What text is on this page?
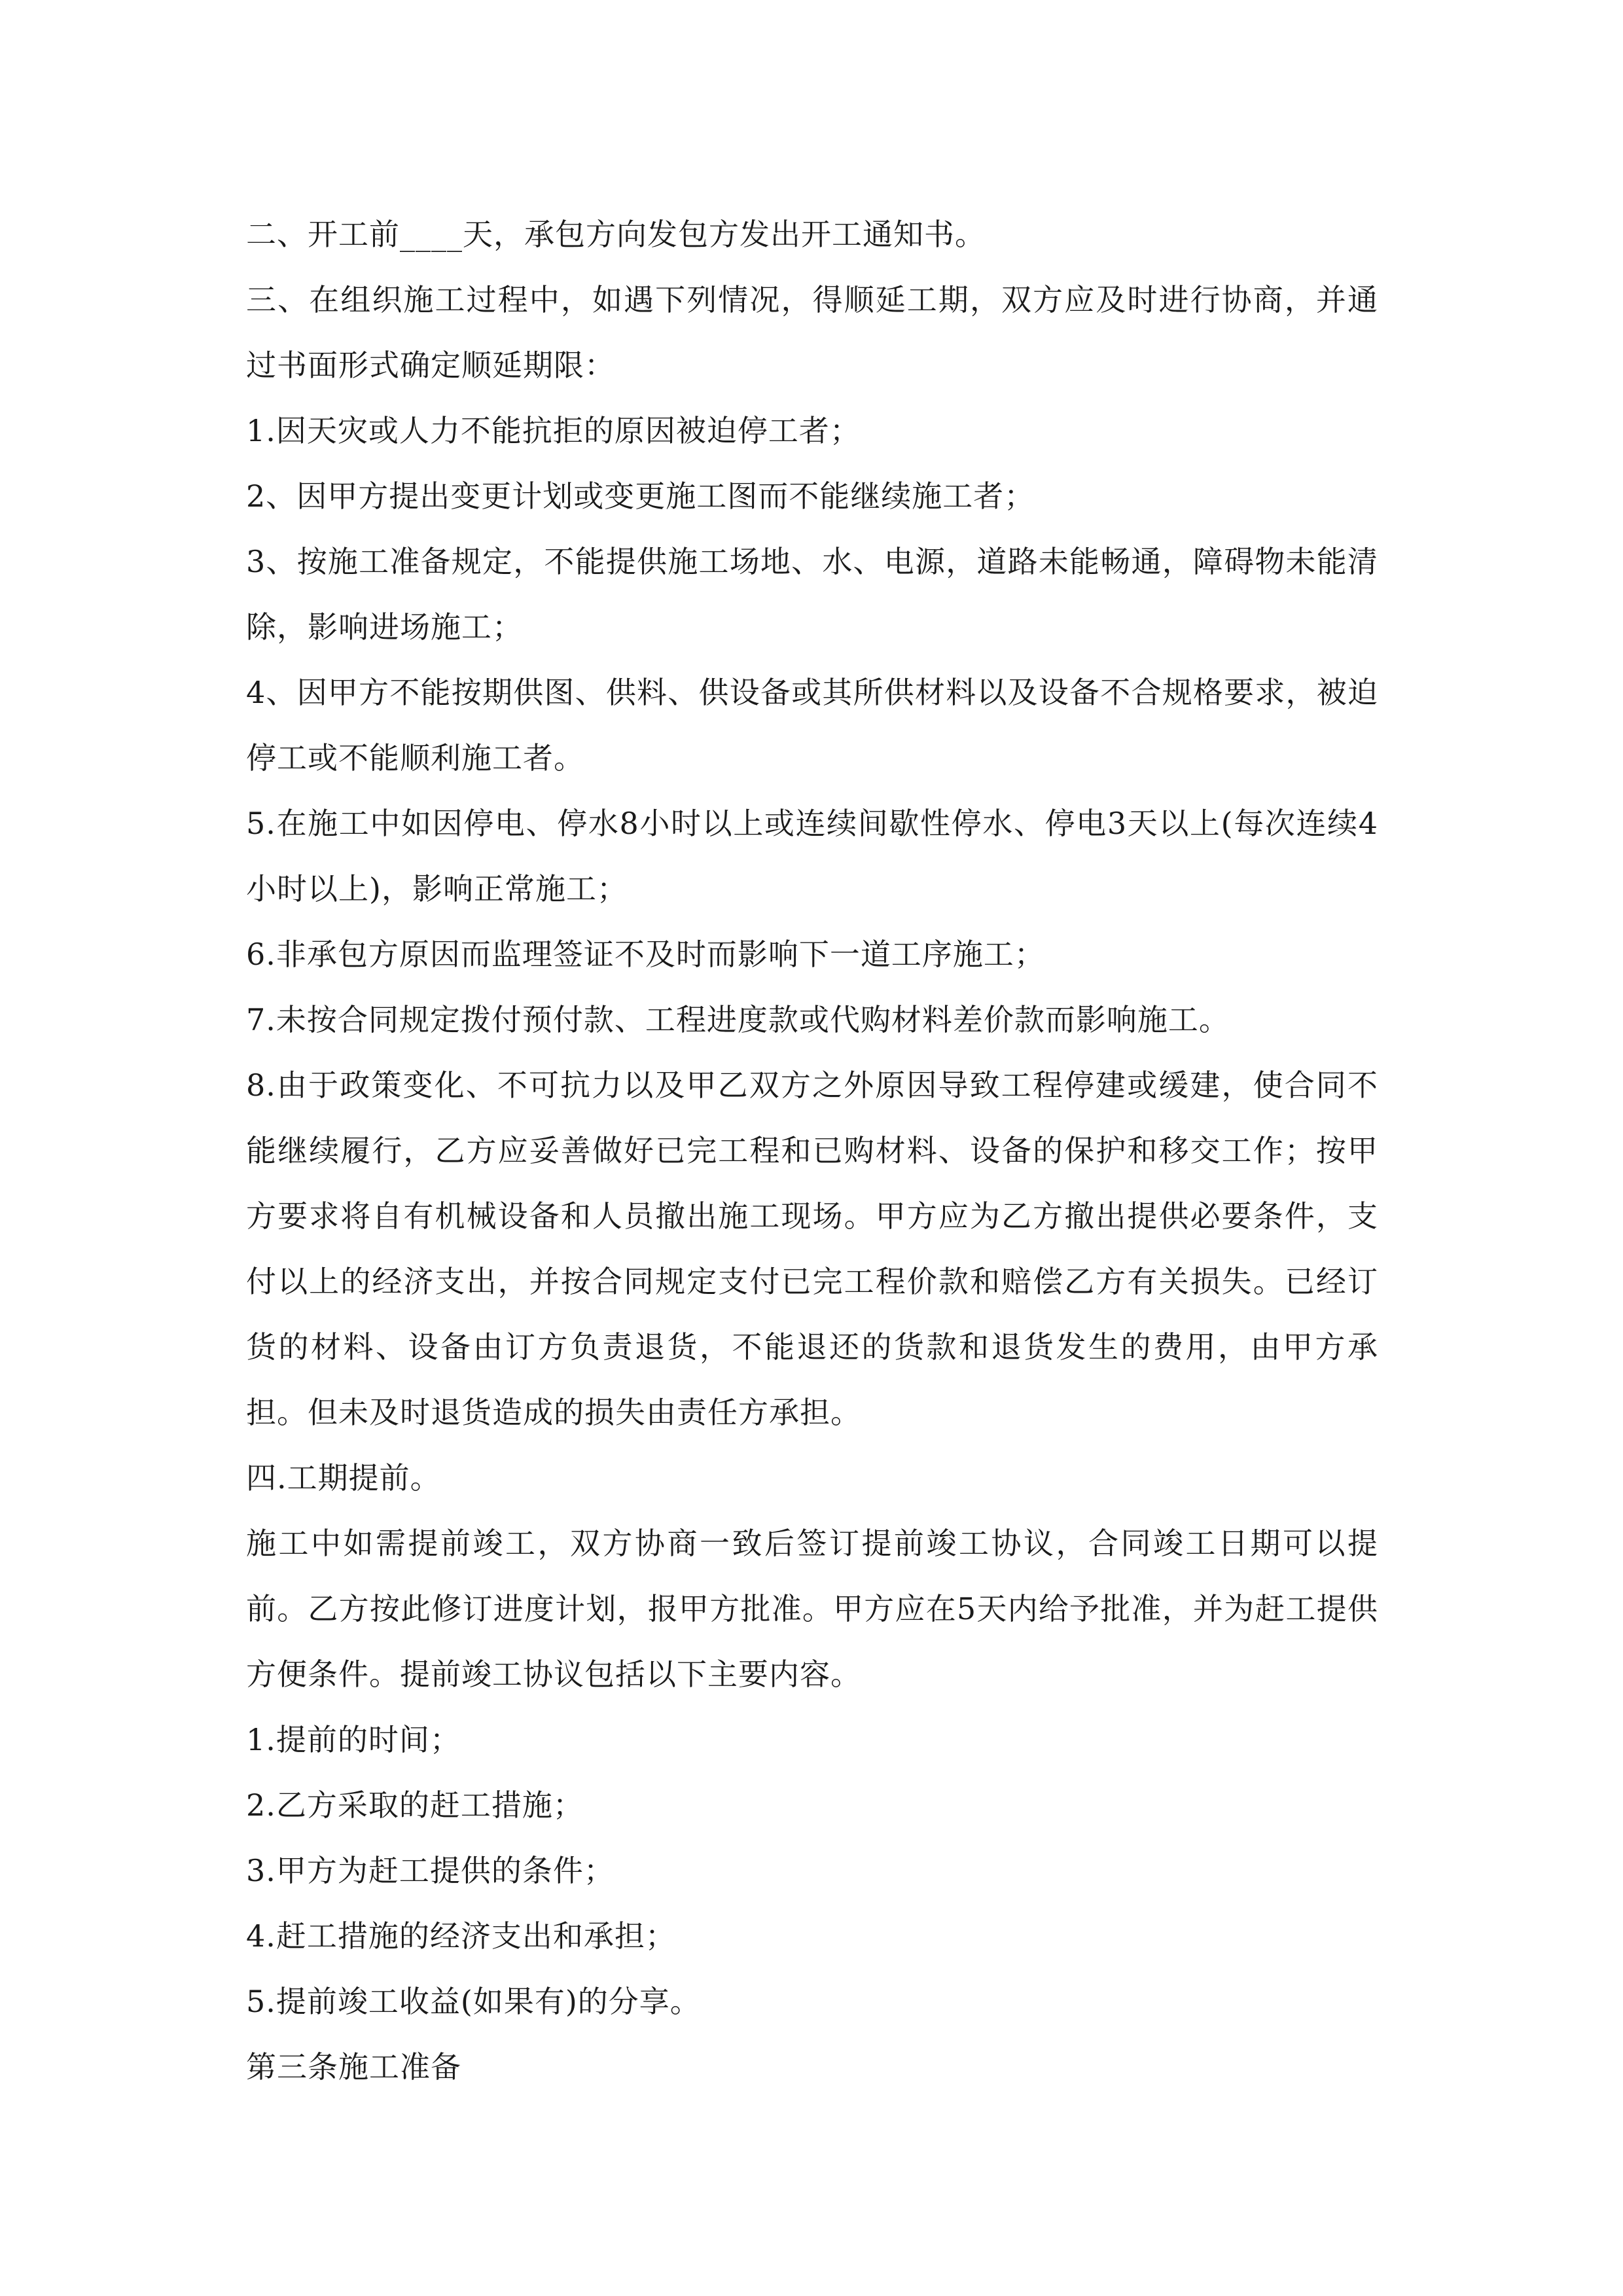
二、开工前____天，承包方向发包方发出开工通知书。

三、在组织施工过程中，如遇下列情况，得顺延工期，双方应及时进行协商，并通过书面形式确定顺延期限：

1.因天灾或人力不能抗拒的原因被迫停工者；

2、因甲方提出变更计划或变更施工图而不能继续施工者；

3、按施工准备规定，不能提供施工场地、水、电源，道路未能畅通，障碍物未能清除，影响进场施工；

4、因甲方不能按期供图、供料、供设备或其所供材料以及设备不合规格要求，被迫停工或不能顺利施工者。

5.在施工中如因停电、停水8小时以上或连续间歇性停水、停电3天以上(每次连续4小时以上)，影响正常施工；

6.非承包方原因而监理签证不及时而影响下一道工序施工；

7.未按合同规定拨付预付款、工程进度款或代购材料差价款而影响施工。

8.由于政策变化、不可抗力以及甲乙双方之外原因导致工程停建或缓建，使合同不能继续履行，乙方应妥善做好已完工程和已购材料、设备的保护和移交工作；按甲方要求将自有机械设备和人员撤出施工现场。甲方应为乙方撤出提供必要条件，支付以上的经济支出，并按合同规定支付已完工程价款和赔偿乙方有关损失。已经订货的材料、设备由订方负责退货，不能退还的货款和退货发生的费用，由甲方承担。但未及时退货造成的损失由责任方承担。

四.工期提前。

施工中如需提前竣工，双方协商一致后签订提前竣工协议，合同竣工日期可以提前。乙方按此修订进度计划，报甲方批准。甲方应在5天内给予批准，并为赶工提供方便条件。提前竣工协议包括以下主要内容。

1.提前的时间；

2.乙方采取的赶工措施；

3.甲方为赶工提供的条件；

4.赶工措施的经济支出和承担；

5.提前竣工收益(如果有)的分享。

第三条施工准备
